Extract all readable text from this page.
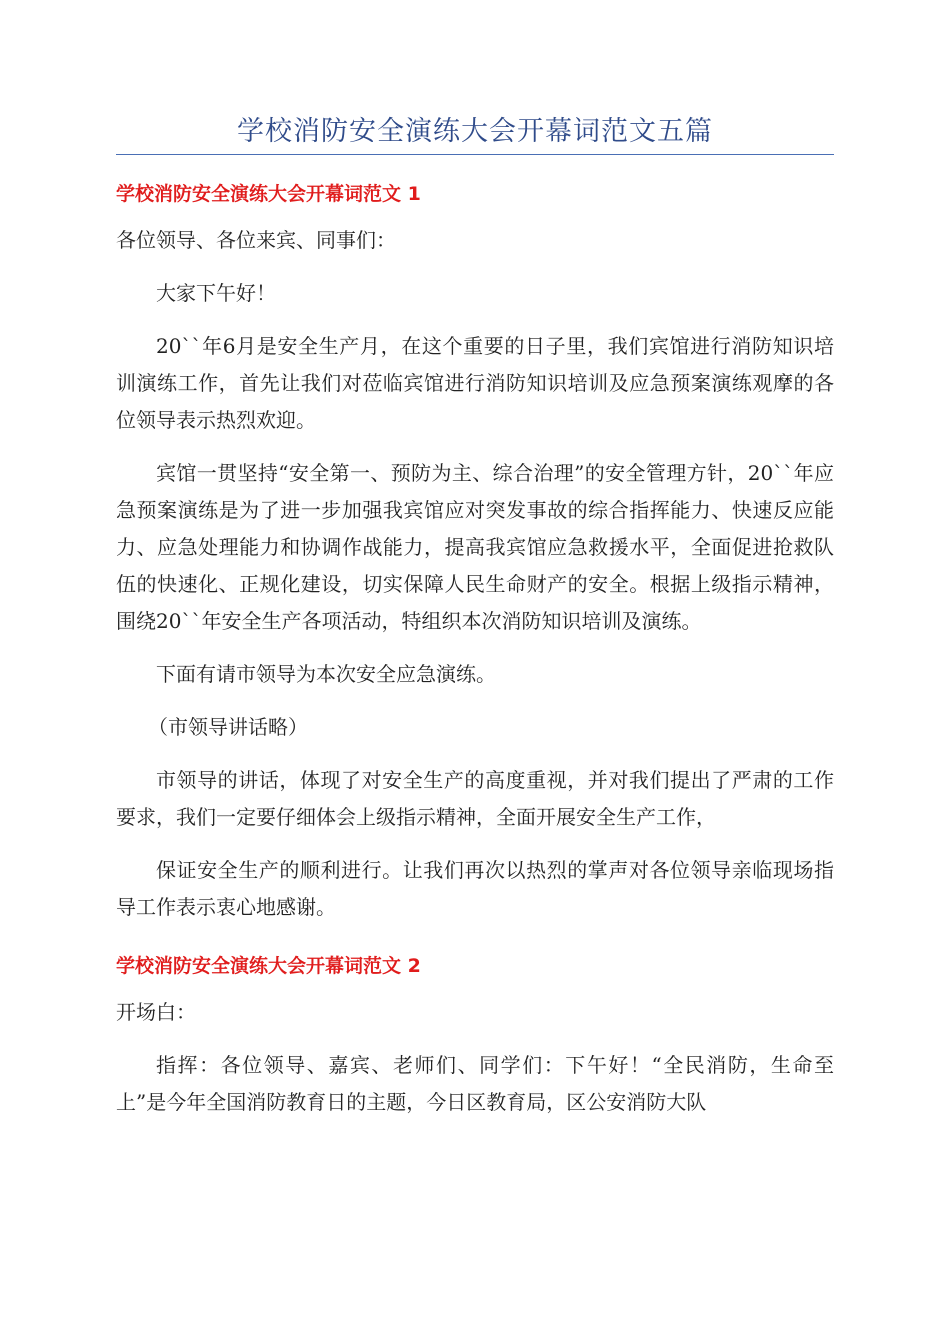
学校消防安全演练大会开幕词范文五篇
学校消防安全演练大会开幕词范文 1

各位领导、各位来宾、同事们：

大家下午好！

20``年6月是安全生产月，在这个重要的日子里，我们宾馆进行消防知识培训演练工作，首先让我们对莅临宾馆进行消防知识培训及应急预案演练观摩的各位领导表示热烈欢迎。

宾馆一贯坚持“安全第一、预防为主、综合治理”的安全管理方针，20``年应急预案演练是为了进一步加强我宾馆应对突发事故的综合指挥能力、快速反应能力、应急处理能力和协调作战能力，提高我宾馆应急救援水平，全面促进抢救队伍的快速化、正规化建设，切实保障人民生命财产的安全。根据上级指示精神，围绕20``年安全生产各项活动，特组织本次消防知识培训及演练。

下面有请市领导为本次安全应急演练。

（市领导讲话略）

市领导的讲话，体现了对安全生产的高度重视，并对我们提出了严肃的工作要求，我们一定要仔细体会上级指示精神，全面开展安全生产工作，

保证安全生产的顺利进行。让我们再次以热烈的掌声对各位领导亲临现场指导工作表示衷心地感谢。

学校消防安全演练大会开幕词范文 2

开场白：

指挥：各位领导、嘉宾、老师们、同学们：下午好！“全民消防，生命至上”是今年全国消防教育日的主题，今日区教育局，区公安消防大队
